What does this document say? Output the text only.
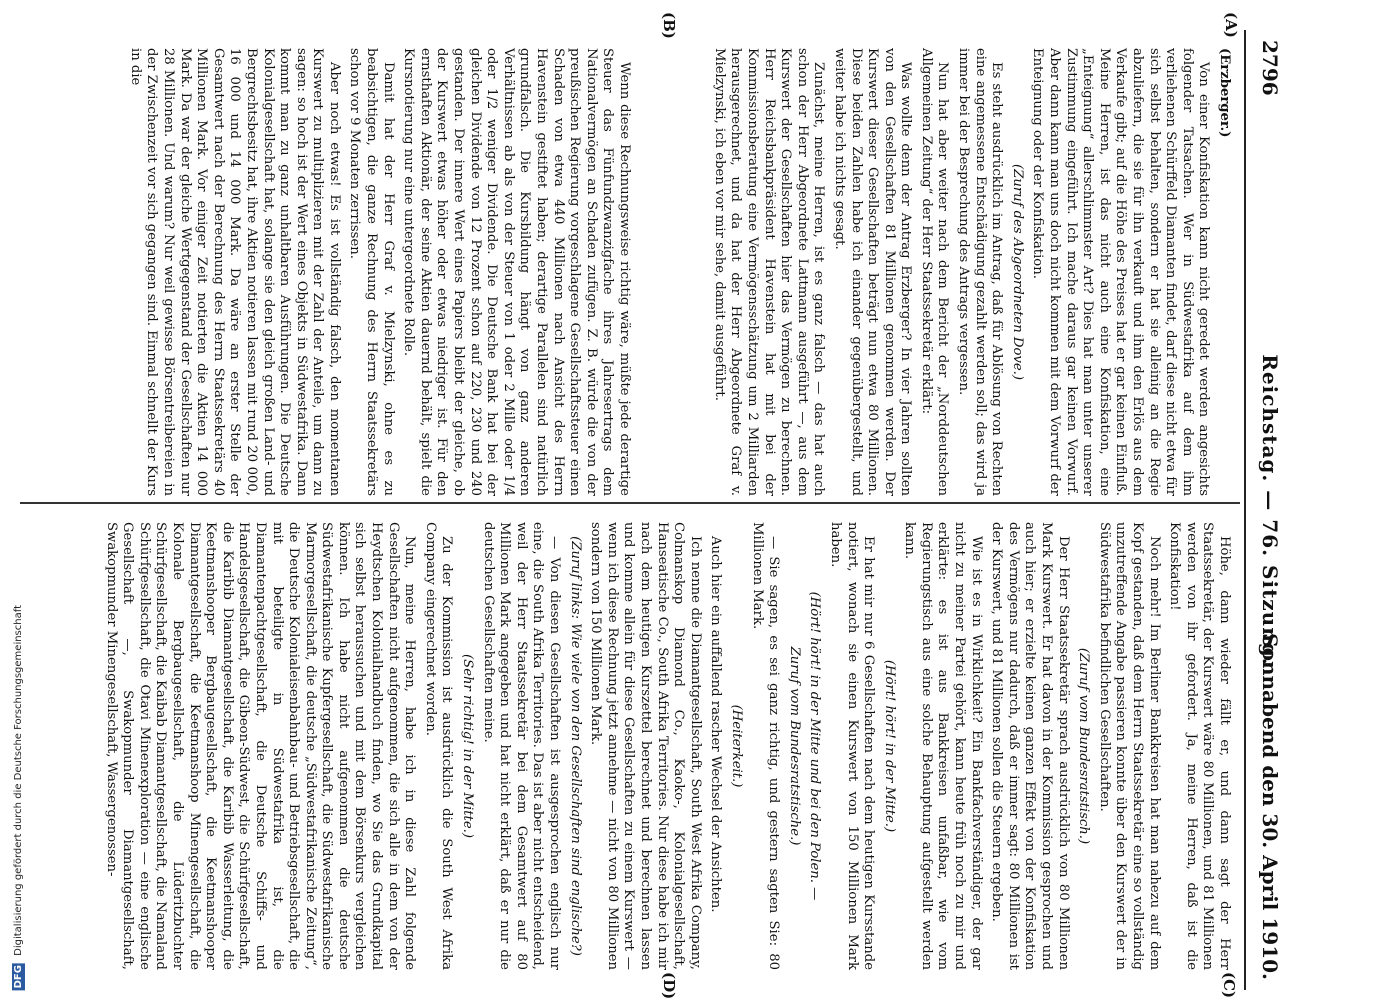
2796
Reichstag. — 76. Sitzung.
Sonnabend den 30. April 1910.
(A)
(B)
(C)
(D)

(Erzberger.)

Von einer Konfiskation kann nicht geredet werden angesichts folgender Tatsachen. Wer in Südwestafrika auf dem ihm verliehenen Schürffeld Diamanten findet, darf diese nicht etwa für sich selbst behalten, sondern er hat sie alleinig an die Regie abzuliefern, die sie für ihn verkauft und ihm den Erlös aus dem Verkaufe gibt; auf die Höhe des Preises hat er gar keinen Einfluß. Meine Herren, ist das nicht auch eine Konfiskation, eine „Enteignung“ allerschlimmster Art? Dies hat man unter unserer Zustimmung eingeführt. Ich mache daraus gar keinen Vorwurf. Aber dann kann man uns doch nicht kommen mit dem Vorwurf der Enteignung oder der Konfiskation.

(Zuruf des Abgeordneten Dove.)

Es steht ausdrücklich im Antrag, daß für Ablösung von Rechten eine angemessene Entschädigung gezahlt werden soll; das wird ja immer bei der Besprechung des Antrags vergessen.

Nun hat aber weiter nach dem Bericht der „Norddeutschen Allgemeinen Zeitung“ der Herr Staatssekretär erklärt:

Was wollte denn der Antrag Erzberger? In vier Jahren sollten von den Gesellschaften 81 Millionen genommen werden. Der Kurswert dieser Gesellschaften beträgt nun etwa 80 Millionen. Diese beiden Zahlen habe ich einander gegenübergestellt, und weiter habe ich nichts gesagt.

Zunächst, meine Herren, ist es ganz falsch — das hat auch schon der Herr Abgeordnete Lattmann ausgeführt —, aus dem Kurswert der Gesellschaften hier das Vermögen zu berechnen. Herr Reichsbankpräsident Havenstein hat mit bei der Kommissionsberatung eine Vermögensschätzung um 2 Milliarden herausgerechnet, und da hat der Herr Abgeordnete Graf v. Mielzynski, ich eben vor mir sehe, damit ausgeführt.

Wenn diese Rechnungsweise richtig wäre, müßte jede derartige Steuer das Fünfundzwanzigfache ihres Jahresertrags dem Nationalvermögen an Schaden zufügen. Z. B. würde die von der preußischen Regierung vorgeschlagene Gesellschaftssteuer einen Schaden von etwa 440 Millionen nach Ansicht des Herrn Havenstein gestiftet haben; derartige Parallelen sind natürlich grundfalsch. Die Kursbildung hängt von ganz anderen Verhältnissen ab als von der Steuer von 1 oder 2 Mille oder 1/4 oder 1/2 weniger Dividende. Die Deutsche Bank hat bei der gleichen Dividende von 12 Prozent schon auf 220, 230 und 240 gestanden. Der innere Wert eines Papiers bleibt der gleiche, ob der Kurswert etwas höher oder etwas niedriger ist. Für den ernsthaften Aktionär, der seine Aktien dauernd behält, spielt die Kursnotierung nur eine untergeordnete Rolle.

Damit hat der Herr Graf v. Mielzynski, ohne es zu beabsichtigen, die ganze Rechnung des Herrn Staatssekretärs schon vor 9 Monaten zerrissen.

Aber noch etwas! Es ist vollständig falsch, den momentanen Kurswert zu multiplizieren mit der Zahl der Anteile, um dann zu sagen: so hoch ist der Wert eines Objekts in Südwestafrika. Dann kommt man zu ganz unhaltbaren Ausführungen. Die Deutsche Kolonialgesellschaft hat, solange sie den gleich großen Land- und Bergrechtsbesitz hat, ihre Aktien notieren lassen mit rund 20 000, 16 000 und 14 000 Mark. Da wäre an erster Stelle der Gesamtwert nach der Berechnung des Herrn Staatssekretärs 40 Millionen Mark. Vor einiger Zeit notierten die Aktien 14 000 Mark. Da war der gleiche Wertgegenstand der Gesellschaften nur 28 Millionen. Und warum? Nur weil gewisse Börsentreibereien in der Zwischenzeit vor sich gegangen sind. Einmal schnellt der Kurs in die

Höhe, dann wieder fällt er, und dann sagt der Herr Staatssekretär, der Kurswert wäre 80 Millionen, und 81 Millionen werden von ihr gefordert. Ja, meine Herren, daß ist die Konfiskation!

Noch mehr! Im Berliner Bankkreisen hat man nahezu auf dem Kopf gestanden, daß dem Herrn Staatssekretär eine so vollständig unzutreffende Angabe passieren konnte über den Kurswert der in Südwestafrika befindlichen Gesellschaften.

(Zuruf vom Bundesratstisch.)

Der Herr Staatssekretär sprach ausdrücklich von 80 Millionen Mark Kurswert. Er hat davon in der Kommission gesprochen und auch hier; er erzielte keinen ganzen Effekt von der Konfiskation des Vermögens nur dadurch, daß er immer sagt: 80 Millionen ist der Kurswert, und 81 Millionen sollen die Steuern ergeben.

Wie ist es in Wirklichkeit? Ein Bankfachverständiger, der gar nicht zu meiner Partei gehört, kann heute früh noch zu mir und erklärte: es ist aus Bankkreisen unfaßbar, wie vom Regierungstisch aus eine solche Behauptung aufgestellt werden kann.

(Hört! hört! in der Mitte.)

Er hat mir nur 6 Gesellschaften nach dem heutigen Kursstande notiert, wonach sie einen Kurswert von 150 Millionen Mark haben.

(Hört! hört! in der Mitte und bei den Polen. —

Zuruf vom Bundesratstische.)

— Sie sagen, es sei ganz richtig, und gestern sagten Sie: 80 Millionen Mark.

(Heiterkeit.)

Auch hier ein auffallend rascher Wechsel der Ansichten.

Ich nenne die Diamantgesellschaft, South West Afrika Company, Colmanskop Diamond Co., Kaoko-, Kolonialgesellschaft, Hanseatische Co., South Afrika Territories. Nur diese habe ich mir nach dem heutigen Kurszettel berechnet und berechnen lassen und komme allein für diese Gesellschaften zu einem Kurswert — wenn ich diese Rechnung jetzt annehme — nicht von 80 Millionen sondern von 150 Millionen Mark.

(Zuruf links: Wie viele von den Gesellschaften sind englische?)

— Von diesen Gesellschaften ist ausgesprochen englisch nur eine, die South Afrika Territories. Das ist aber nicht entscheidend, weil der Herr Staatssekretär bei dem Gesamtwert auf 80 Millionen Mark angegeben und hat nicht erklärt, daß er nur die deutschen Gesellschaften meine.

(Sehr richtig! in der Mitte.)

Zu der Kommission ist ausdrücklich die South West Afrika Company eingerechnet worden.

Nun, meine Herren, habe ich in diese Zahl folgende Gesellschaften nicht aufgenommen, die sich alle in dem von der Heydtschen Kolonialhandbuch finden, wo Sie das Grundkapital sich selbst heraussuchen und mit dem Börsenkurs vergleichen können. Ich habe nicht aufgenommen die deutsche Südwestafrikanische Kupfergesellschaft, die Südwestafrikanische Marmorgesellschaft, die deutsche „Südwestafrikanische Zeitung“, die Deutsche Kolonialeisenbahnbau- und Betriebsgesellschaft, die mit beteiligte in Südwestafrika ist, die Diamantenpachtgesellschaft, die Deutsche Schiffs- und Handelsgesellschaft, die Gibeon-Südwest, die Schürfgesellschaft, die Karibib Diamantgesellschaft, die Karibib Wasserleitung, die Keetmanshooper Bergbaugesellschaft, die Keetmanshooper Diamantgesellschaft, die Keetmanshoop Minengesellschaft, die Kolonale Bergbaugesellschaft, die Lüderitzbuchter Schürfgesellschaft, die Kaibab Diamantgesellschaft, die Namaland Schürfgesellschaft, die Otavi Minenexploration — eine englische Gesellschaft —, Swakopmunder Diamantgesellschaft, Swakopmunder Minengesellschaft, Wassergenossen-

DFG Digitalisierung gefördert durch die Deutsche Forschungsgemeinschaft
